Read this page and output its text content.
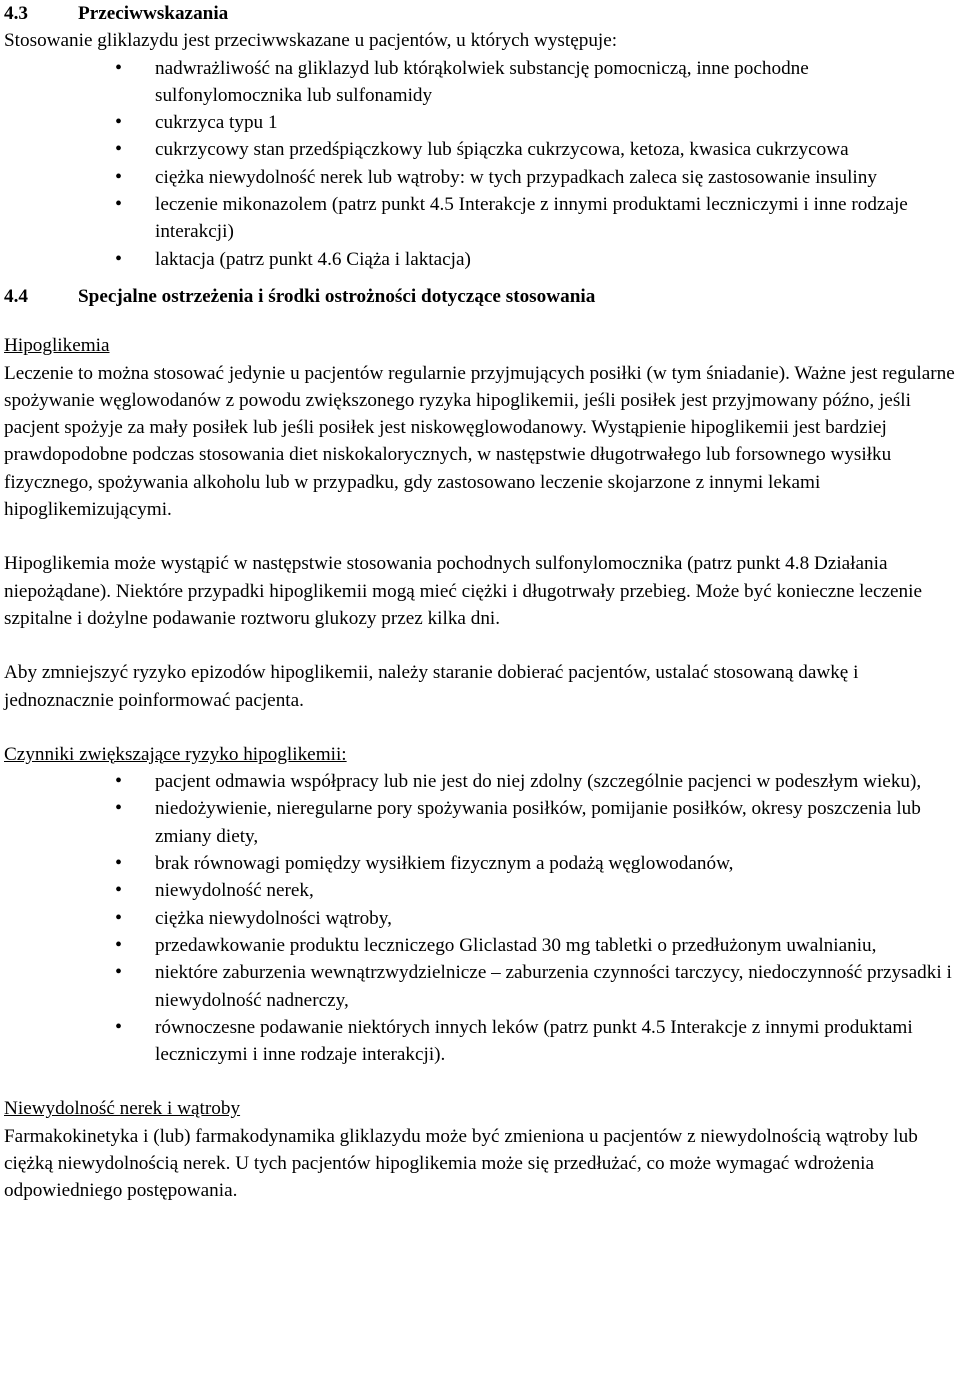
4.3	Przeciwwskazania

Stosowanie gliklazydu jest przeciwwskazane u pacjentów, u których występuje:

• nadwrażliwość na gliklazyd lub którąkolwiek substancję pomocniczą, inne pochodne sulfonylomocznika lub sulfonamidy
• cukrzyca typu 1
• cukrzycowy stan przedśpiączkowy lub śpiączka cukrzycowa, ketoza, kwasica cukrzycowa
• ciężka niewydolność nerek lub wątroby: w tych przypadkach zaleca się zastosowanie insuliny
• leczenie mikonazolem (patrz punkt 4.5 Interakcje z innymi produktami leczniczymi i inne rodzaje interakcji)
• laktacja (patrz punkt 4.6 Ciąża i laktacja)
4.4	Specjalne ostrzeżenia i środki ostrożności dotyczące stosowania

Hipoglikemia

Leczenie to można stosować jedynie u pacjentów regularnie przyjmujących posiłki (w tym śniadanie). Ważne jest regularne spożywanie węglowodanów z powodu zwiększonego ryzyka hipoglikemii, jeśli posiłek jest przyjmowany późno, jeśli pacjent spożyje za mały posiłek lub jeśli posiłek jest niskowęglowodanowy. Wystąpienie hipoglikemii jest bardziej prawdopodobne podczas stosowania diet niskokalorycznych, w następstwie długotrwałego lub forsownego wysiłku fizycznego, spożywania alkoholu lub w przypadku, gdy zastosowano leczenie skojarzone z innymi lekami hipoglikemizującymi.

Hipoglikemia może wystąpić w następstwie stosowania pochodnych sulfonylomocznika (patrz punkt 4.8 Działania niepożądane). Niektóre przypadki hipoglikemii mogą mieć ciężki i długotrwały przebieg. Może być konieczne leczenie szpitalne i dożylne podawanie roztworu glukozy przez kilka dni.

Aby zmniejszyć ryzyko epizodów hipoglikemii, należy staranie dobierać pacjentów, ustalać stosowaną dawkę i jednoznacznie poinformować pacjenta.

Czynniki zwiększające ryzyko hipoglikemii:

• pacjent odmawia współpracy lub nie jest do niej zdolny (szczególnie pacjenci w podeszłym wieku),
• niedożywienie, nieregularne pory spożywania posiłków, pomijanie posiłków, okresy poszczenia lub zmiany diety,
• brak równowagi pomiędzy wysiłkiem fizycznym a podażą węglowodanów,
• niewydolność nerek,
• ciężka niewydolności wątroby,
• przedawkowanie produktu leczniczego Gliclastad 30 mg tabletki o przedłużonym uwalnianiu,
• niektóre zaburzenia wewnątrzwydzielnicze – zaburzenia czynności tarczycy, niedoczynność przysadki i niewydolność nadnerczy,
• równoczesne podawanie niektórych innych leków (patrz punkt 4.5 Interakcje z innymi produktami leczniczymi i inne rodzaje interakcji).

Niewydolność nerek i wątroby

Farmakokinetyka i (lub) farmakodynamika gliklazydu może być zmieniona u pacjentów z niewydolnością wątroby lub ciężką niewydolnością nerek. U tych pacjentów hipoglikemia może się przedłużać, co może wymagać wdrożenia odpowiedniego postępowania.
